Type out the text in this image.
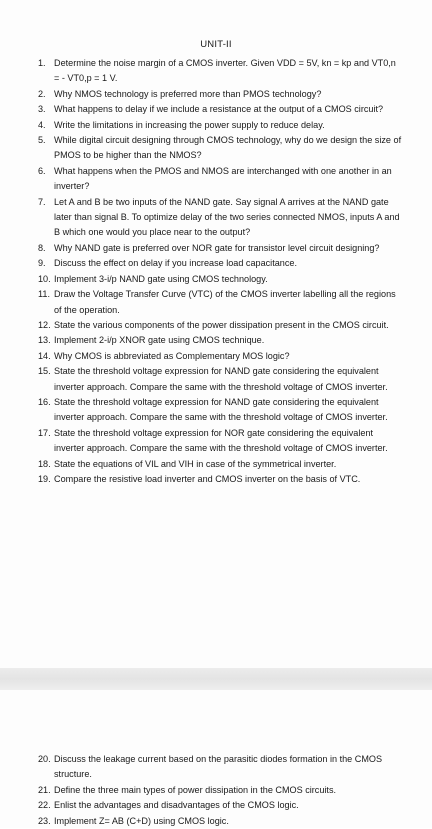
UNIT-II
1. Determine the noise margin of a CMOS inverter. Given VDD = 5V, kn = kp and VT0,n = - VT0,p = 1 V.
2. Why NMOS technology is preferred more than PMOS technology?
3. What happens to delay if we include a resistance at the output of a CMOS circuit?
4. Write the limitations in increasing the power supply to reduce delay.
5. While digital circuit designing through CMOS technology, why do we design the size of PMOS to be higher than the NMOS?
6. What happens when the PMOS and NMOS are interchanged with one another in an inverter?
7. Let A and B be two inputs of the NAND gate. Say signal A arrives at the NAND gate later than signal B. To optimize delay of the two series connected NMOS, inputs A and B which one would you place near to the output?
8. Why NAND gate is preferred over NOR gate for transistor level circuit designing?
9. Discuss the effect on delay if you increase load capacitance.
10. Implement 3-i/p NAND gate using CMOS technology.
11. Draw the Voltage Transfer Curve (VTC) of the CMOS inverter labelling all the regions of the operation.
12. State the various components of the power dissipation present in the CMOS circuit.
13. Implement 2-i/p XNOR gate using CMOS technique.
14. Why CMOS is abbreviated as Complementary MOS logic?
15. State the threshold voltage expression for NAND gate considering the equivalent inverter approach. Compare the same with the threshold voltage of CMOS inverter.
16. State the threshold voltage expression for NAND gate considering the equivalent inverter approach. Compare the same with the threshold voltage of CMOS inverter.
17. State the threshold voltage expression for NOR gate considering the equivalent inverter approach. Compare the same with the threshold voltage of CMOS inverter.
18. State the equations of VIL and VIH in case of the symmetrical inverter.
19. Compare the resistive load inverter and CMOS inverter on the basis of VTC.
20. Discuss the leakage current based on the parasitic diodes formation in the CMOS structure.
21. Define the three main types of power dissipation in the CMOS circuits.
22. Enlist the advantages and disadvantages of the CMOS logic.
23. Implement Z= AB (C+D) using CMOS logic.
